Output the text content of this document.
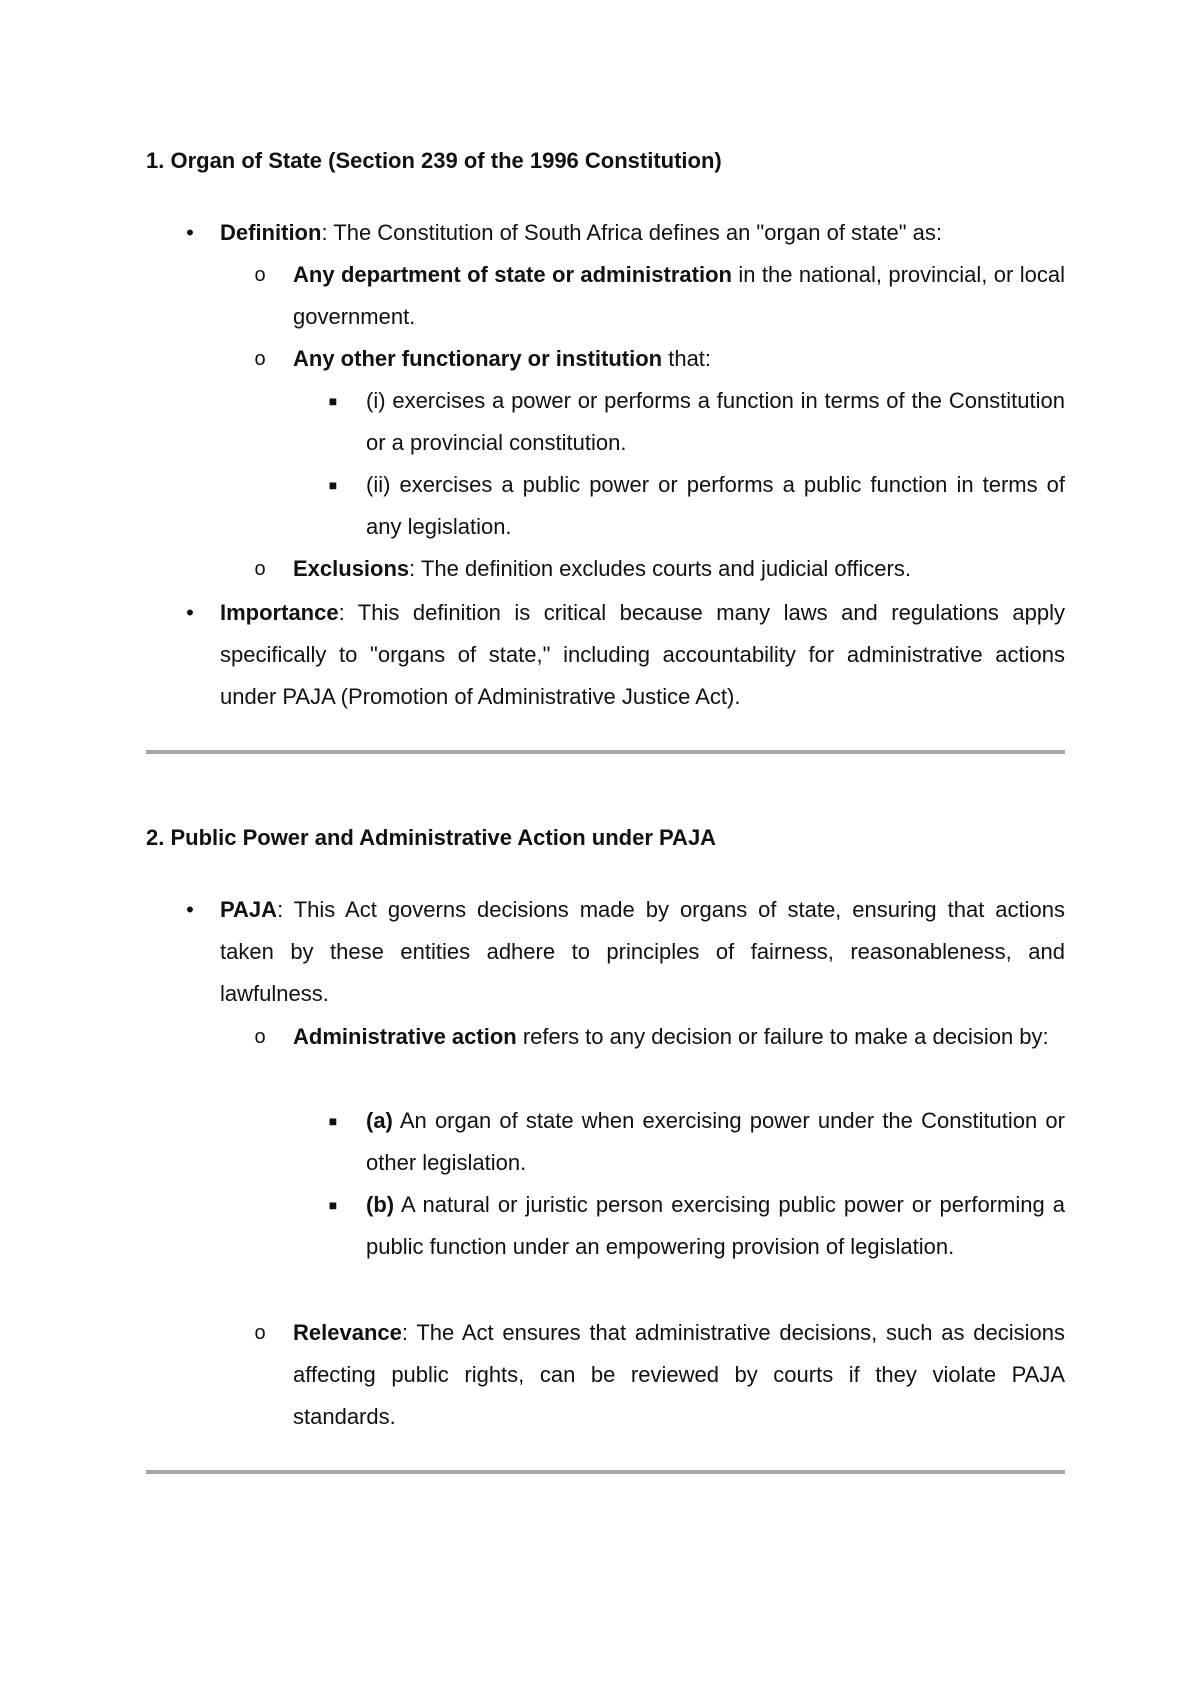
1. Organ of State (Section 239 of the 1996 Constitution)
•	Definition: The Constitution of South Africa defines an "organ of state" as:
o	Any department of state or administration in the national, provincial, or local government.
o	Any other functionary or institution that:
■	(i) exercises a power or performs a function in terms of the Constitution or a provincial constitution.
■	(ii) exercises a public power or performs a public function in terms of any legislation.
o	Exclusions: The definition excludes courts and judicial officers.
•	Importance: This definition is critical because many laws and regulations apply specifically to "organs of state," including accountability for administrative actions under PAJA (Promotion of Administrative Justice Act).
2. Public Power and Administrative Action under PAJA
•	PAJA: This Act governs decisions made by organs of state, ensuring that actions taken by these entities adhere to principles of fairness, reasonableness, and lawfulness.
o	Administrative action refers to any decision or failure to make a decision by:
■	(a) An organ of state when exercising power under the Constitution or other legislation.
■	(b) A natural or juristic person exercising public power or performing a public function under an empowering provision of legislation.
o	Relevance: The Act ensures that administrative decisions, such as decisions affecting public rights, can be reviewed by courts if they violate PAJA standards.
